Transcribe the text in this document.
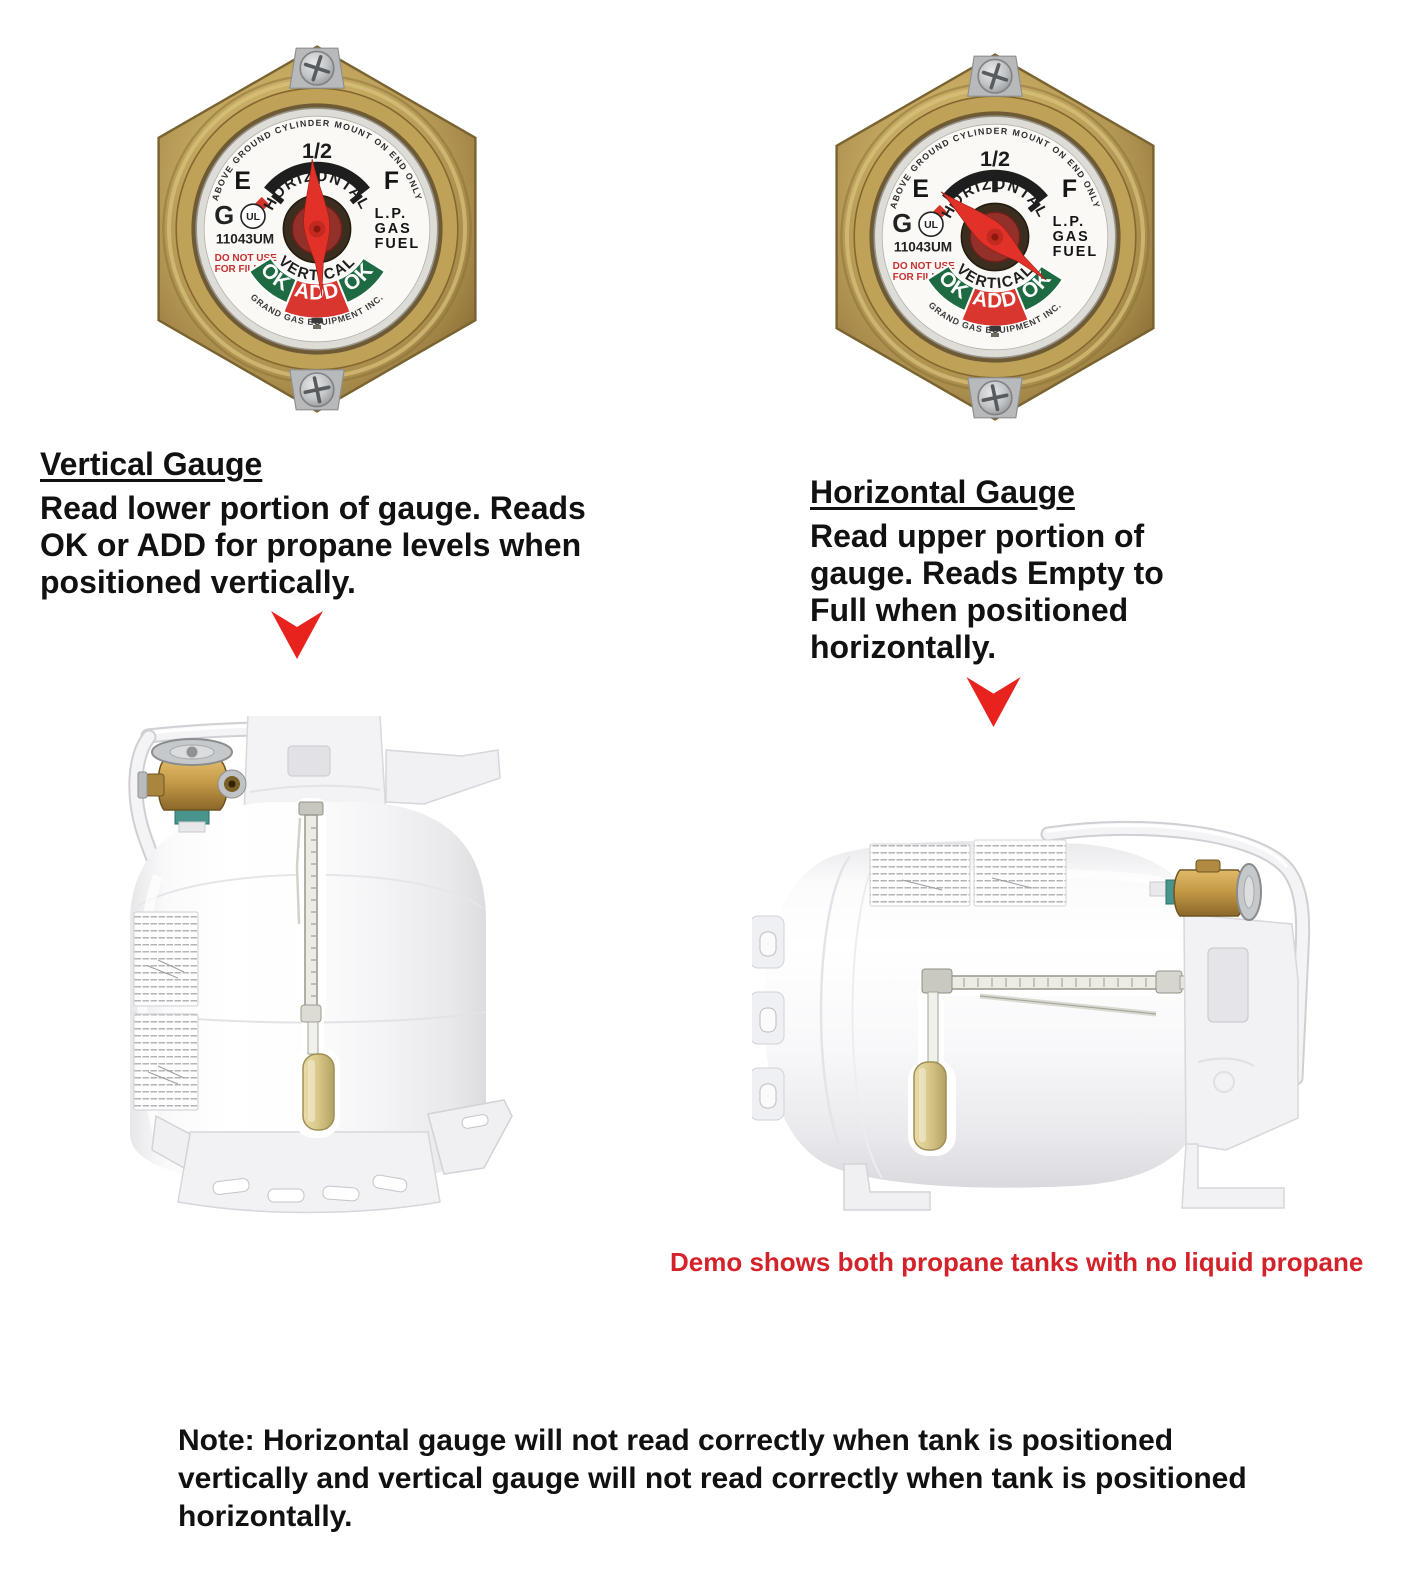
Vertical Gauge
Read lower portion of gauge. Reads
OK or ADD for propane levels when
positioned vertically.
Horizontal Gauge
Read upper portion of
gauge. Reads Empty to
Full when positioned
horizontally.
Demo shows both propane tanks with no liquid propane
Note: Horizontal gauge will not read correctly when tank is positioned
vertically and vertical gauge will not read correctly when tank is positioned
horizontally.
